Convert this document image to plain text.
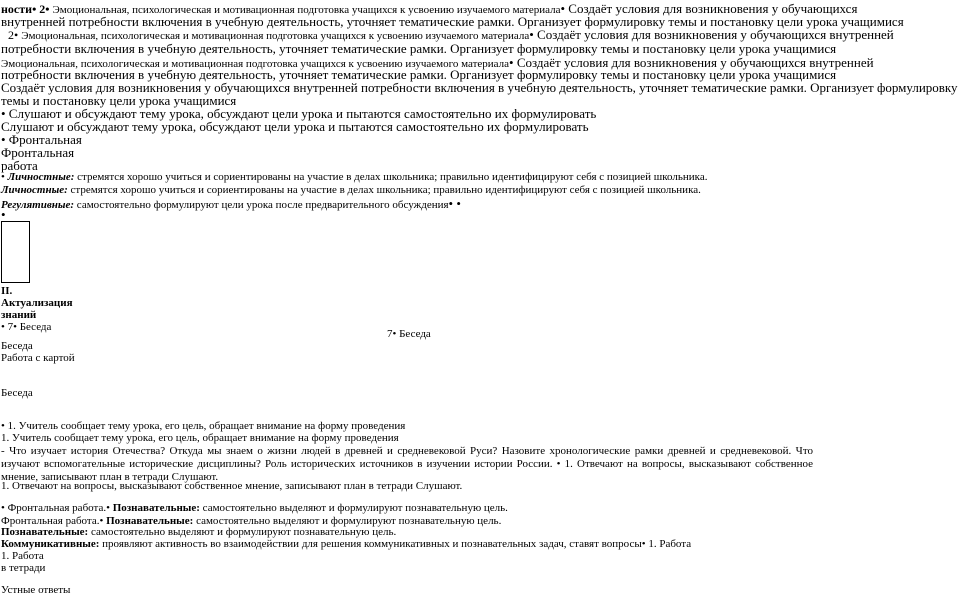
ности• 2• Эмоциональная, психологическая и мотивационная подготовка учащихся к усвоению изучаемого материала• Создаёт условия для возникновения у обучающихся
внутренней потребности включения в учебную деятельность, уточняет тематические рамки. Организует формулировку темы и постановку цели урока учащимися
2• Эмоциональная, психологическая и мотивационная подготовка учащихся к усвоению изучаемого материала• Создаёт условия для возникновения у обучающихся внутренней
потребности включения в учебную деятельность, уточняет тематические рамки. Организует формулировку темы и постановку цели урока учащимися
Эмоциональная, психологическая и мотивационная подготовка учащихся к усвоению изучаемого материала• Создаёт условия для возникновения у обучающихся внутренней
потребности включения в учебную деятельность, уточняет тематические рамки. Организует формулировку темы и постановку цели урока учащимися
Создаёт условия для возникновения у обучающихся внутренней потребности включения в учебную деятельность, уточняет тематические рамки. Организует формулировку
темы и постановку цели урока учащимися
• Слушают и обсуждают тему урока, обсуждают цели урока и пытаются самостоятельно их формулировать
Слушают и обсуждают тему урока, обсуждают цели урока и пытаются самостоятельно их формулировать
• Фронтальная
Фронтальная
работа
• Личностные: стремятся хорошо учиться и сориентированы на участие в делах школьника; правильно идентифицируют себя с позицией школьника.
Личностные: стремятся хорошо учиться и сориентированы на участие в делах школьника; правильно идентифицируют себя с позицией школьника.
Регулятивные: самостоятельно формулируют цели урока после предварительного обсуждения• •
•
II.
Актуализация
знаний
• 7• Беседа
7• Беседа
Беседа
Работа с картой
Беседа
• 1. Учитель сообщает тему урока, его цель, обращает внимание на форму проведения
1. Учитель сообщает тему урока, его цель, обращает внимание на форму проведения
- Что изучает история Отечества? Откуда мы знаем о жизни людей в древней и средневековой Руси? Назовите хронологические рамки древней и средневековой. Что изучают вспомогательные исторические дисциплины? Роль исторических источников в изучении истории России. • 1. Отвечают на вопросы, высказывают собственное мнение, записывают план в тетради Слушают.
1. Отвечают на вопросы, высказывают собственное мнение, записывают план в тетради Слушают.
• Фронтальная работа.• Познавательные: самостоятельно выделяют и формулируют познавательную цель.
Фронтальная работа.• Познавательные: самостоятельно выделяют и формулируют познавательную цель.
Познавательные: самостоятельно выделяют и формулируют познавательную цель.
Коммуникативные: проявляют активность во взаимодействии для решения коммуникативных и познавательных задач, ставят вопросы• 1. Работа
1. Работа
в тетради
Устные ответы
